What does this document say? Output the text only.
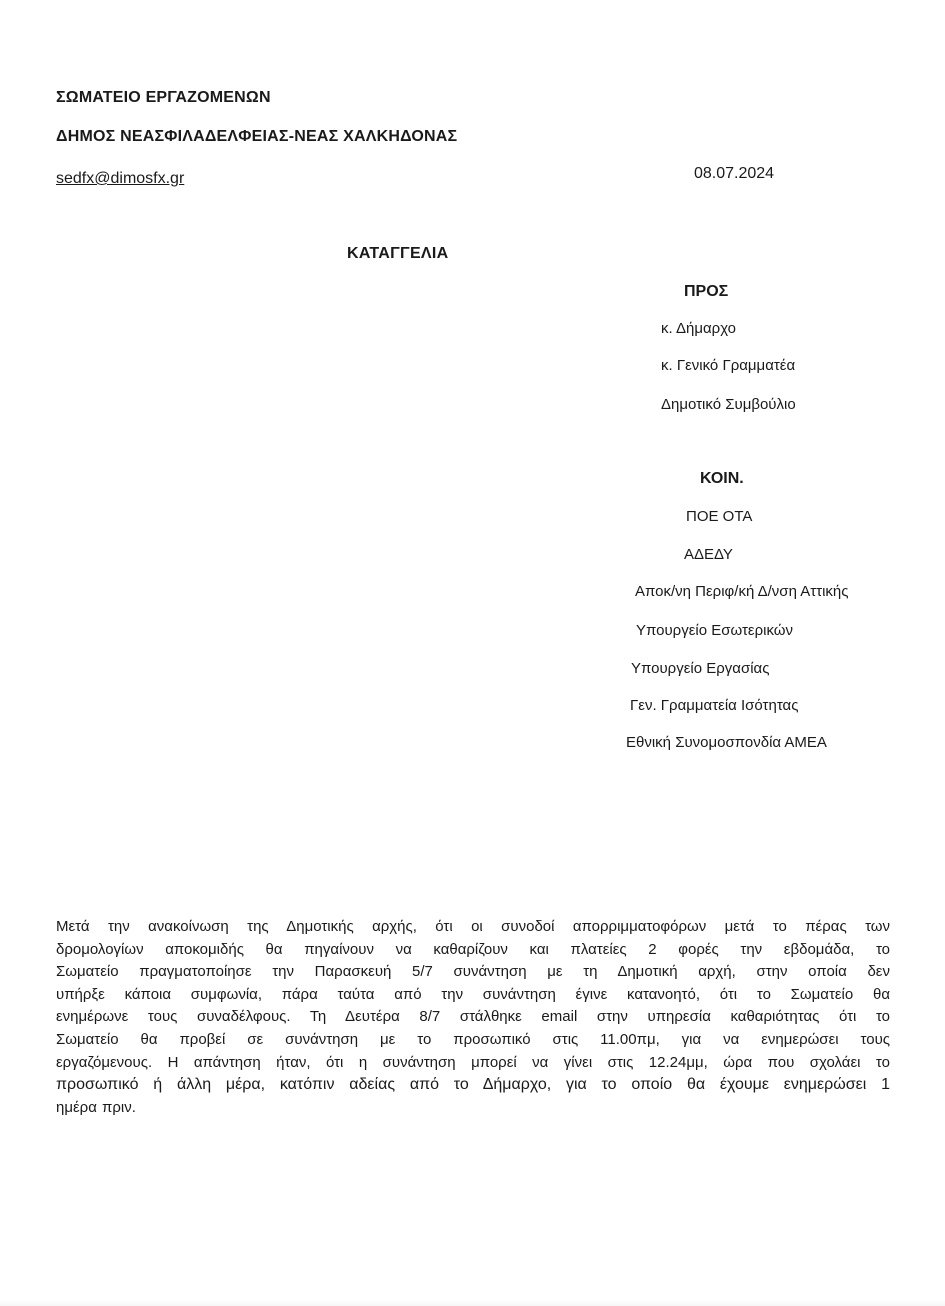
ΣΩΜΑΤΕΙΟ ΕΡΓΑΖΟΜΕΝΩΝ
ΔΗΜΟΣ ΝΕΑΣΦΙΛΑΔΕΛΦΕΙΑΣ-ΝΕΑΣ ΧΑΛΚΗΔΟΝΑΣ
sedfx@dimosfx.gr	08.07.2024
ΚΑΤΑΓΓΕΛΙΑ
ΠΡΟΣ
κ. Δήμαρχο
κ. Γενικό Γραμματέα
Δημοτικό Συμβούλιο
ΚΟΙΝ.
ΠΟΕ ΟΤΑ
ΑΔΕΔΥ
Αποκ/νη Περιφ/κή Δ/νση Αττικής
Υπουργείο Εσωτερικών
Υπουργείο Εργασίας
Γεν. Γραμματεία Ισότητας
Εθνική Συνομοσπονδία ΑΜΕΑ
Μετά την ανακοίνωση της Δημοτικής αρχής, ότι οι συνοδοί απορριμματοφόρων μετά το πέρας των
δρομολογίων αποκομιδής θα πηγαίνουν να καθαρίζουν και πλατείες 2 φορές την εβδομάδα, το
Σωματείο πραγματοποίησε την Παρασκευή 5/7 συνάντηση με τη Δημοτική αρχή, στην οποία δεν
υπήρξε κάποια συμφωνία, πάρα ταύτα από την συνάντηση έγινε κατανοητό, ότι το Σωματείο θα
ενημέρωνε τους συναδέλφους. Τη Δευτέρα 8/7 στάλθηκε email στην υπηρεσία καθαριότητας ότι το
Σωματείο θα προβεί σε συνάντηση με το προσωπικό στις 11.00πμ, για να ενημερώσει τους
εργαζόμενους. Η απάντηση ήταν, ότι η συνάντηση μπορεί να γίνει στις 12.24μμ, ώρα που σχολάει το
προσωπικό ή άλλη μέρα, κατόπιν αδείας από το Δήμαρχο, για το οποίο θα έχουμε ενημερώσει 1
ημέρα πριν.
